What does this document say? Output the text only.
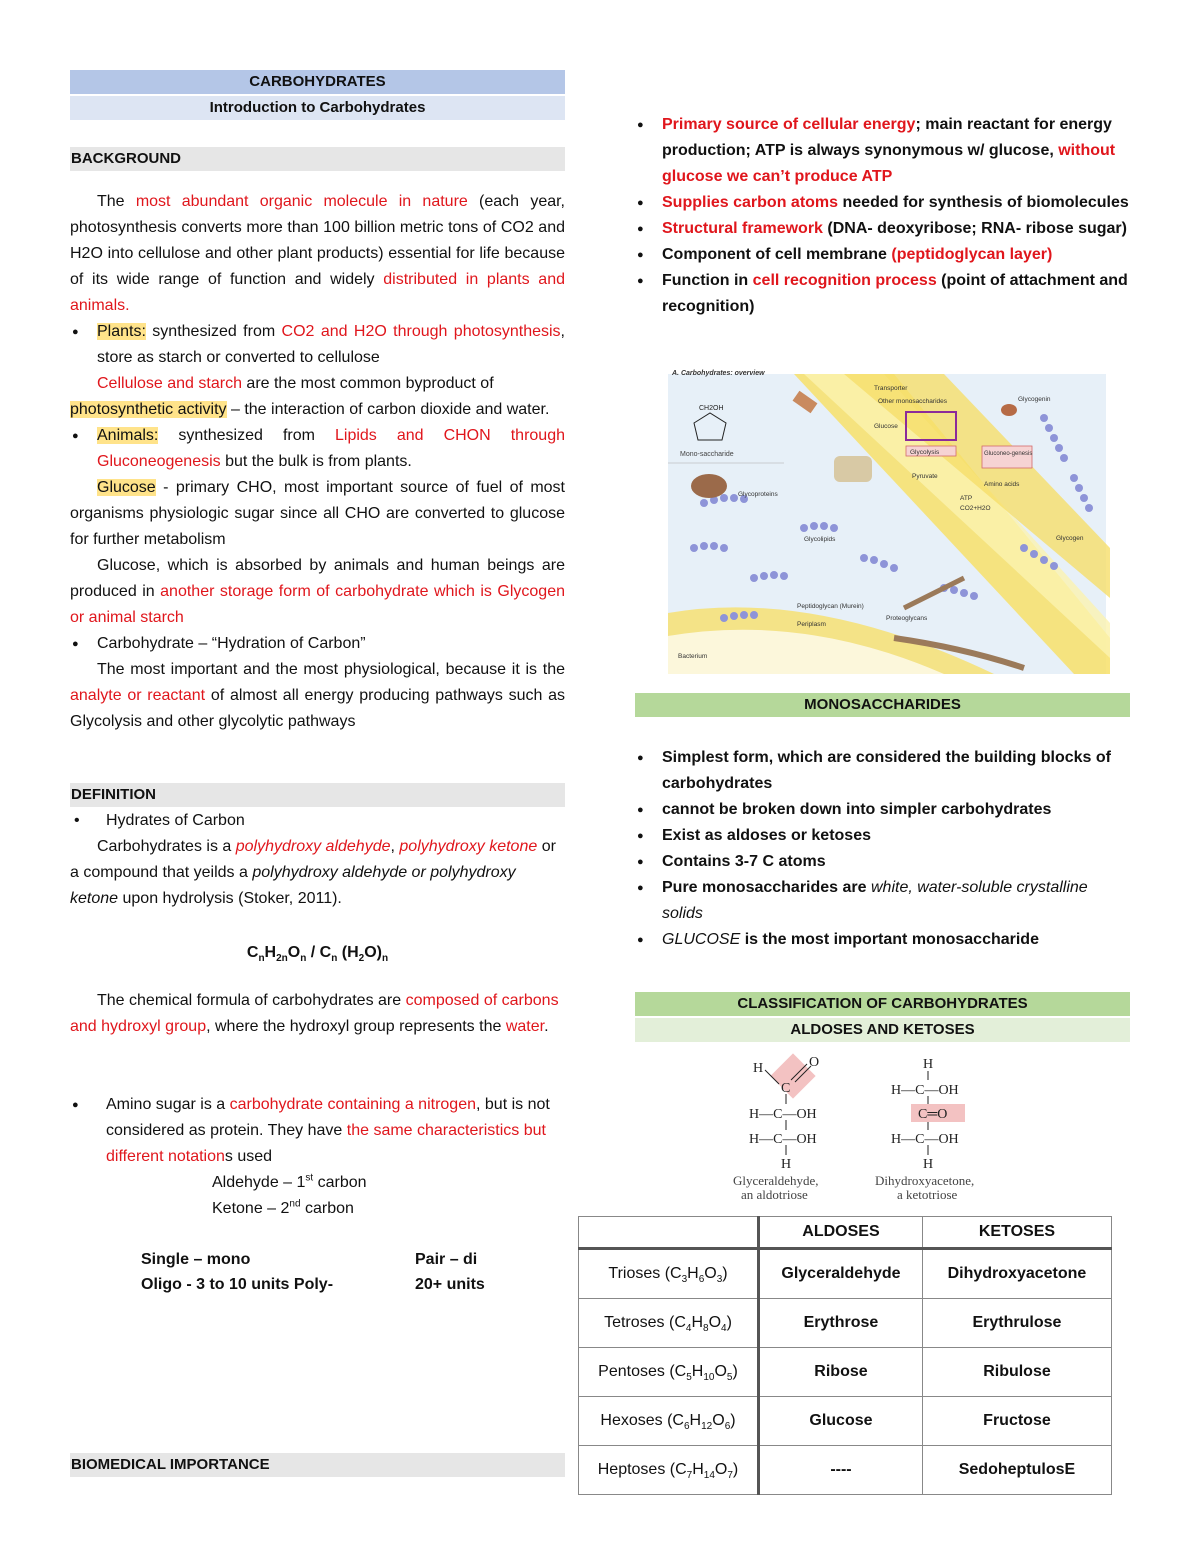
CARBOHYDRATES
Introduction to Carbohydrates
BACKGROUND

The most abundant organic molecule in nature (each year, photosynthesis converts more than 100 billion metric tons of CO2 and H2O into cellulose and other plant products) essential for life because of its wide range of function and widely distributed in plants and animals.

● Plants: synthesized from CO2 and H2O through photosynthesis, store as starch or converted to cellulose

Cellulose and starch are the most common byproduct of

photosynthetic activity – the interaction of carbon dioxide and water.

● Animals: synthesized from Lipids and CHON through Gluconeogenesis but the bulk is from plants.

Glucose - primary CHO, most important source of fuel of most organisms physiologic sugar since all CHO are converted to glucose for further metabolism

Glucose, which is absorbed by animals and human beings are produced in another storage form of carbohydrate which is Glycogen or animal starch

● Carbohydrate – “Hydration of Carbon”

The most important and the most physiological, because it is the analyte or reactant of almost all energy producing pathways such as Glycolysis and other glycolytic pathways

DEFINITION

• Hydrates of Carbon

Carbohydrates is a polyhydroxy aldehyde, polyhydroxy ketone or a compound that yeilds a polyhydroxy aldehyde or polyhydroxy ketone upon hydrolysis (Stoker, 2011).

$C_nH_{2n}O_n / C_n$ $(H_2O)_n$

The chemical formula of carbohydrates are composed of carbons and hydroxyl group, where the hydroxyl group represents the water.

● Amino sugar is a carbohydrate containing a nitrogen, but is not considered as protein. They have the same characteristics but different notations used

Aldehyde – 1st carbon

Ketone – 2nd carbon

Single – mono	Pair – di
Oligo - 3 to 10 units Poly-	20+ units
BIOMEDICAL IMPORTANCE
● Primary source of cellular energy; main reactant for energy production; ATP is always synonymous w/ glucose, without glucose we can’t produce ATP
● Supplies carbon atoms needed for synthesis of biomolecules
● Structural framework (DNA- deoxyribose; RNA- ribose sugar)
● Component of cell membrane (peptidoglycan layer)
● Function in cell recognition process (point of attachment and recognition)
A. Carbohydrates: overview
CH2OH
Mono-saccharide
Transporter
Other monosaccharides	Glycogenin
Glucose
Glycolysis	Gluconeo-genesis
Pyruvate
Amino acids
ATP
CO2+H2O
Glycoproteins
Glycolipids	Glycogen
Peptidoglycan (Murein)
Periplasm
Proteoglycans
Bacterium
MONOSACCHARIDES
● Simplest form, which are considered the building blocks of carbohydrates
● cannot be broken down into simpler carbohydrates
● Exist as aldoses or ketoses
● Contains 3-7 C atoms
● Pure monosaccharides are white, water-soluble crystalline solids
● GLUCOSE is the most important monosaccharide
CLASSIFICATION OF CARBOHYDRATES
ALDOSES AND KETOSES
H
C
O
H—C—OH
H—C—OH
H
Glyceraldehyde,
an aldotriose
H
H—C—OH
C═O
H—C—OH
H
Dihydroxyacetone,
a ketotriose
	ALDOSES	KETOSES
Trioses $(C_3H_6O_3)$	Glyceraldehyde	Dihydroxyacetone
Tetroses $(C_4H_8O_4)$	Erythrose	Erythrulose
Pentoses $(C_5H_{10}O_5)$	Ribose	Ribulose
Hexoses $(C_6H_{12}O_6)$	Glucose	Fructose
Heptoses $(C_7H_{14}O_7)$	----	SedoheptulosE
